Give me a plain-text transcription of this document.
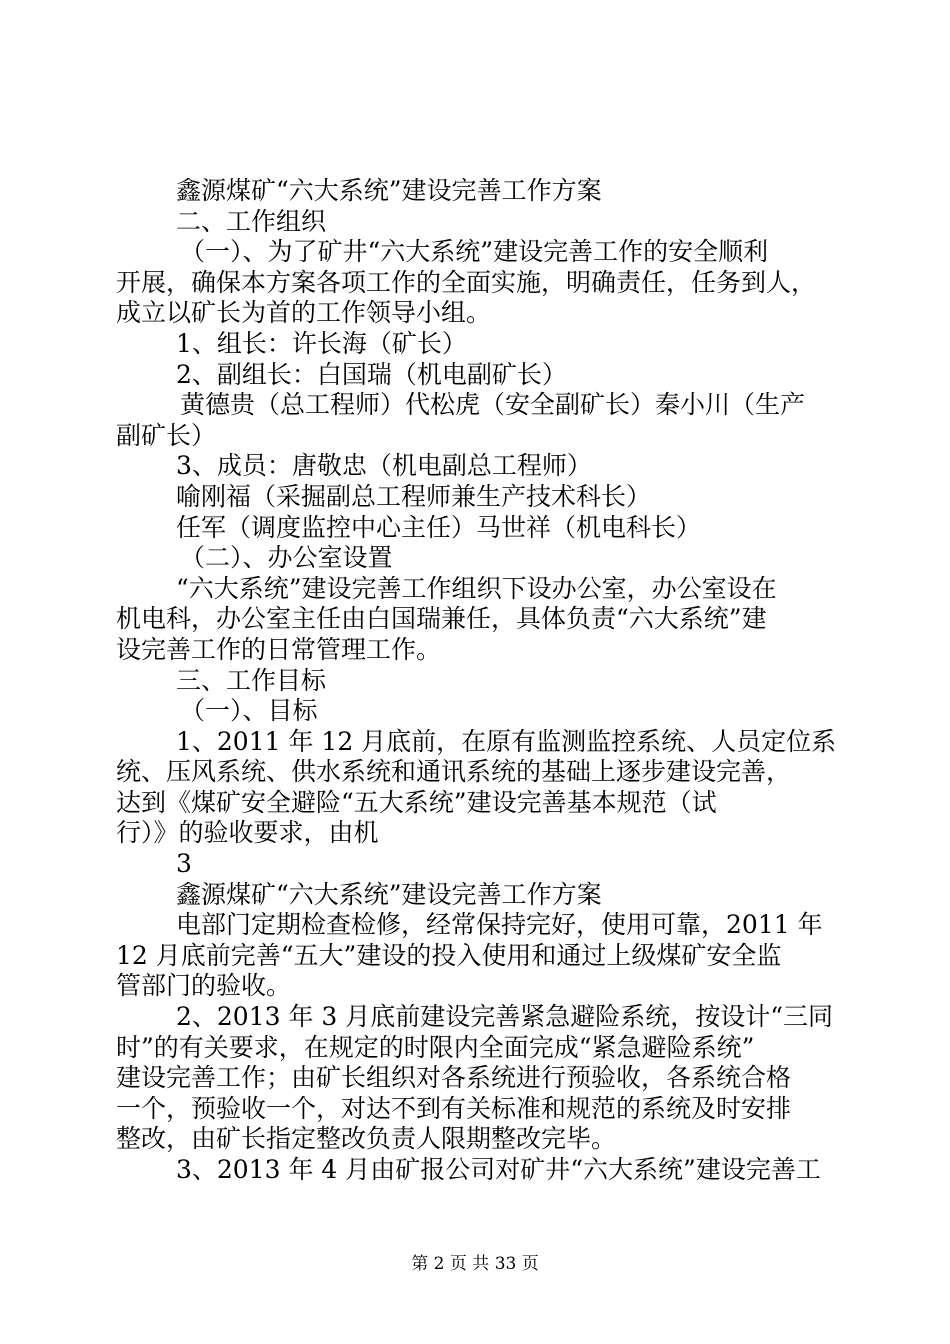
鑫源煤矿“六大系统”建设完善工作方案
二、工作组织
（一）、为了矿井“六大系统”建设完善工作的安全顺利
开展，确保本方案各项工作的全面实施，明确责任，任务到人，
成立以矿长为首的工作领导小组。
1、组长：许长海（矿长）
2、副组长：白国瑞（机电副矿长）
黄德贵（总工程师）代松虎（安全副矿长）秦小川（生产
副矿长）
3、成员：唐敬忠（机电副总工程师）
喻刚福（采掘副总工程师兼生产技术科长）
任军（调度监控中心主任）马世祥（机电科长）
（二）、办公室设置
“六大系统”建设完善工作组织下设办公室，办公室设在
机电科，办公室主任由白国瑞兼任，具体负责“六大系统”建
设完善工作的日常管理工作。
三、工作目标
（一）、目标
1、2011 年 12 月底前，在原有监测监控系统、人员定位系
统、压风系统、供水系统和通讯系统的基础上逐步建设完善，
达到《煤矿安全避险“五大系统”建设完善基本规范（试
行）》的验收要求，由机
3
鑫源煤矿“六大系统”建设完善工作方案
电部门定期检查检修，经常保持完好，使用可靠，2011 年
12 月底前完善“五大”建设的投入使用和通过上级煤矿安全监
管部门的验收。
2、2013 年 3 月底前建设完善紧急避险系统，按设计“三同
时”的有关要求，在规定的时限内全面完成“紧急避险系统”
建设完善工作；由矿长组织对各系统进行预验收，各系统合格
一个，预验收一个，对达不到有关标准和规范的系统及时安排
整改，由矿长指定整改负责人限期整改完毕。
3、2013 年 4 月由矿报公司对矿井“六大系统”建设完善工
第 2 页 共 33 页
